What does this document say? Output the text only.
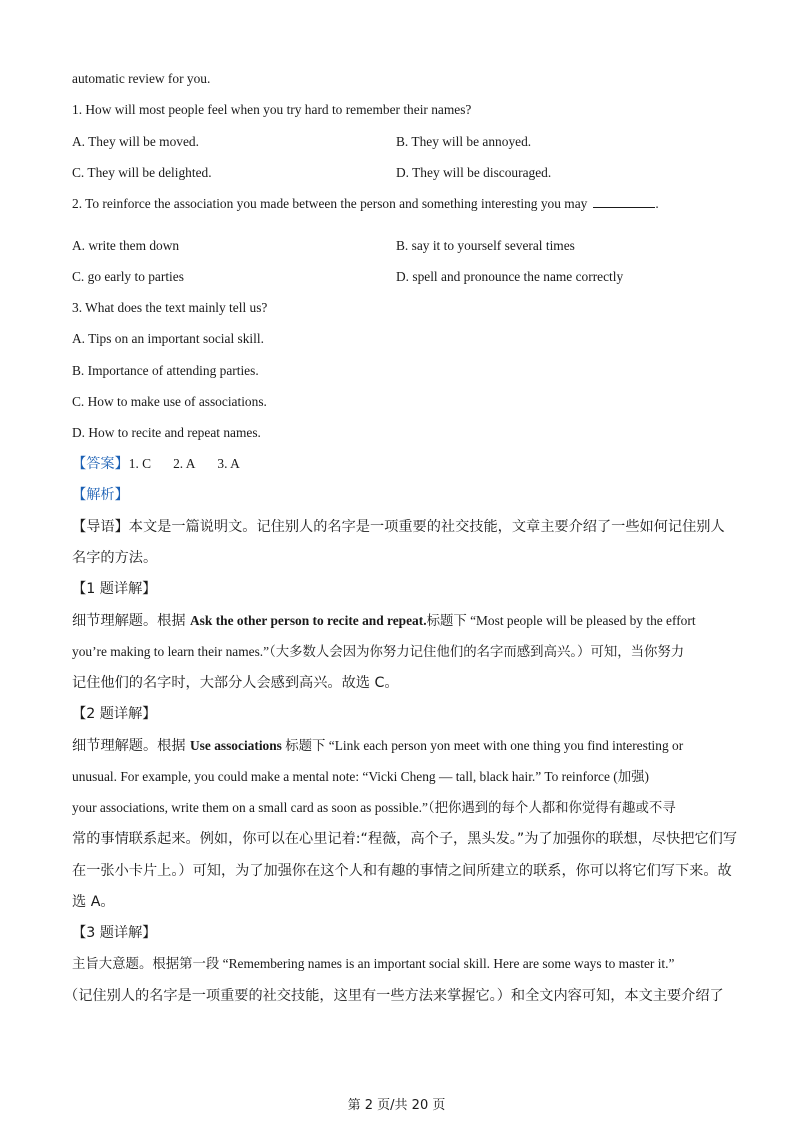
automatic review for you.
1. How will most people feel when you try hard to remember their names?
A. They will be moved.	B. They will be annoyed.
C. They will be delighted.	D. They will be discouraged.
2. To reinforce the association you made between the person and something interesting you may	.
A. write them down	B. say it to yourself several times
C. go early to parties	D. spell and pronounce the name correctly
3. What does the text mainly tell us?
A. Tips on an important social skill.
B. Importance of attending parties.
C. How to make use of associations.
D. How to recite and repeat names.
【答案】1. C 2. A 3. A
【解析】
【导语】本文是一篇说明文。记住别人的名字是一项重要的社交技能，文章主要介绍了一些如何记住别人
名字的方法。
【1 题详解】
细节理解题。根据 Ask the other person to recite and repeat.标题下 “Most people will be pleased by the effort
you’re making to learn their names.”（大多数人会因为你努力记住他们的名字而感到高兴。）可知，当你努力
记住他们的名字时，大部分人会感到高兴。故选 C。
【2 题详解】
细节理解题。根据 Use associations 标题下 “Link each person yon meet with one thing you find interesting or
unusual. For example, you could make a mental note: “Vicki Cheng — tall, black hair.” To reinforce (加强)
your associations, write them on a small card as soon as possible.”（把你遇到的每个人都和你觉得有趣或不寻
常的事情联系起来。例如，你可以在心里记着:“程薇，高个子，黑头发。”为了加强你的联想，尽快把它们写
在一张小卡片上。）可知，为了加强你在这个人和有趣的事情之间所建立的联系，你可以将它们写下来。故
选 A。
【3 题详解】
主旨大意题。根据第一段 “Remembering names is an important social skill. Here are some ways to master it.”
（记住别人的名字是一项重要的社交技能，这里有一些方法来掌握它。）和全文内容可知，本文主要介绍了
第 2 页/共 20 页
